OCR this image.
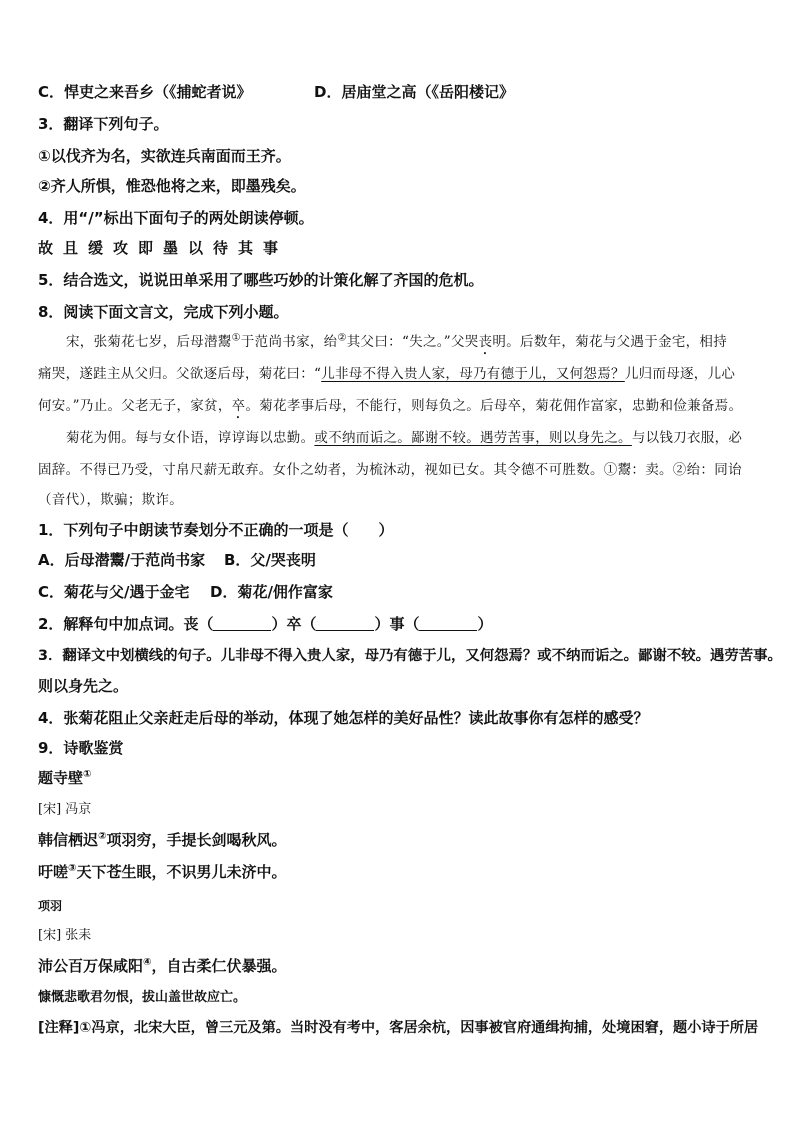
C．悍吏之来吾乡（《捕蛇者说》	D．居庙堂之高（《岳阳楼记》
3．翻译下列句子。
①以伐齐为名，实欲连兵南面而王齐。
②齐人所惧，惟恐他将之来，即墨残矣。
4．用“/”标出下面句子的两处朗读停顿。
故且缓攻即墨以待其事
5．结合选文，说说田单采用了哪些巧妙的计策化解了齐国的危机。
8．阅读下面文言文，完成下列小题。
宋，张菊花七岁，后母潜鬻①于范尚书家，绐②其父曰：“失之。”父哭丧明。后数年，菊花与父遇于金宅，相持
痛哭，遂跬主从父归。父欲逐后母，菊花曰：“儿非母不得入贵人家，母乃有德于儿，又何怨焉？儿归而母逐，儿心
何安。”乃止。父老无子，家贫，卒。菊花孝事后母，不能行，则每负之。后母卒，菊花佣作富家，忠勤和俭兼备焉。
菊花为佣。每与女仆语，谆谆诲以忠勤。或不纳而诟之。鄙谢不较。遇劳苦事，则以身先之。与以钱刀衣服，必
固辞。不得已乃受，寸帛尺薪无敢弃。女仆之幼者，为梳沐动，视如已女。其令德不可胜数。①鬻：卖。②绐：同诒
（音代），欺骗；欺诈。
1．下列句子中朗读节奏划分不正确的一项是（　　）
A．后母潜鬻/于范尚书家 B．父/哭丧明
C．菊花与父/遇于金宅 D．菊花/佣作富家
2．解释句中加点词。丧（	）卒（	）事（	）
3．翻译文中划横线的句子。儿非母不得入贵人家，母乃有德于儿，又何怨焉？或不纳而诟之。鄙谢不较。遇劳苦事。
则以身先之。
4．张菊花阻止父亲赶走后母的举动，体现了她怎样的美好品性？读此故事你有怎样的感受？
9．诗歌鉴赏
题寺壁①
[宋] 冯京
韩信栖迟②项羽穷，手提长剑喝秋风。
吁嗟③天下苍生眼，不识男儿未济中。
项羽
[宋] 张耒
沛公百万保咸阳④，自古柔仁伏暴强。
慷慨悲歌君勿恨，拔山盖世故应亡。
[注释]①冯京，北宋大臣，曾三元及第。当时没有考中，客居余杭，因事被官府通缉拘捕，处境困窘，题小诗于所居
